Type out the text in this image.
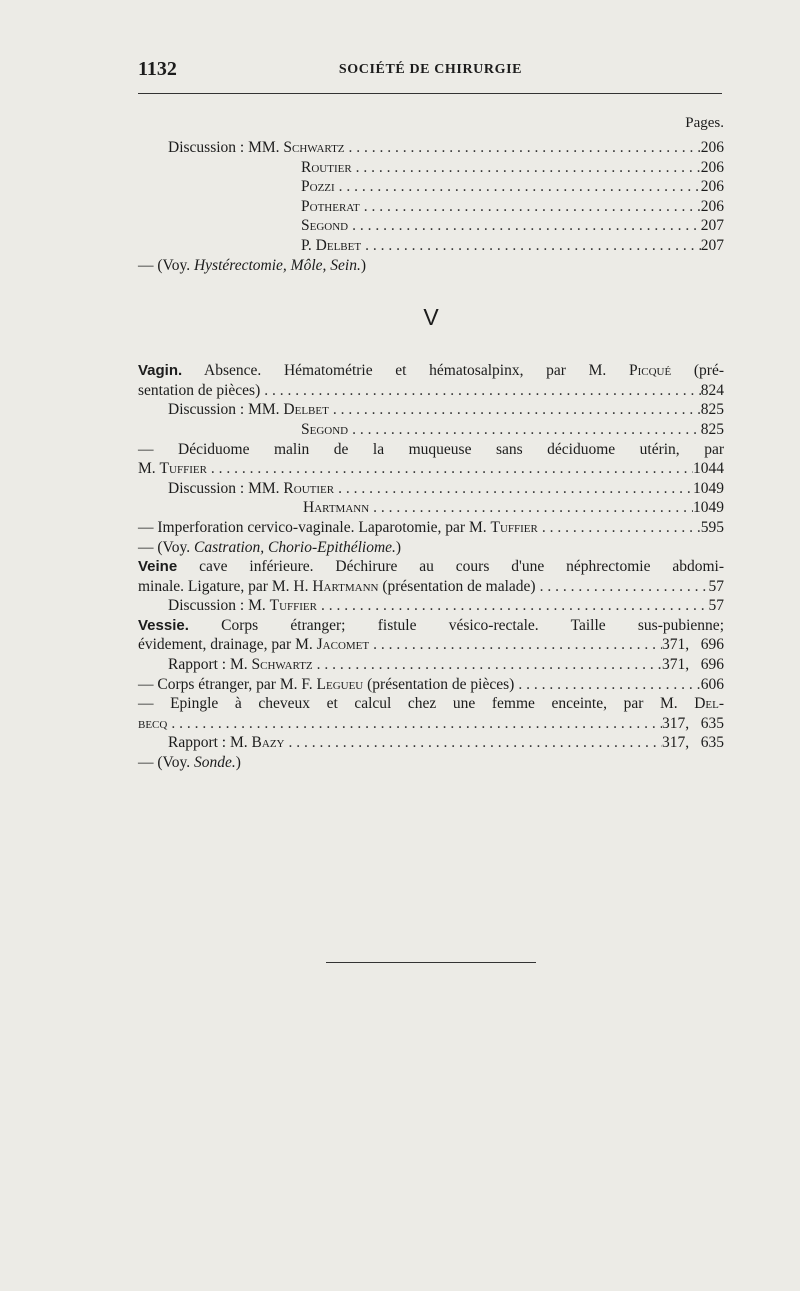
1132	SOCIÉTÉ DE CHIRURGIE
Pages.
Discussion : MM. Schwartz . . .	206
Routier . . .	206
Pozzi . . .	206
Potherat . . .	206
Segond . . .	207
P. Delbet . . .	207
— (Voy. Hystérectomie, Môle, Sein.)
V
Vagin. Absence. Hématométrie et hématosalpinx, par M. Picqué (pré-
sentation de pièces) . . .	824
Discussion : MM. Delbet . . .	825
Segond . . .	825
— Déciduome malin de la muqueuse sans déciduome utérin, par
M. Tuffier . . .	1044
Discussion : MM. Routier . . .	1049
Hartmann . . .	1049
— Imperforation cervico-vaginale. Laparotomie, par M. Tuffier . . .	595
— (Voy. Castration, Chorio-Epithéliome.)
Veine cave inférieure. Déchirure au cours d'une néphrectomie abdomi-
minale. Ligature, par M. H. Hartmann (présentation de malade) . . .	57
Discussion : M. Tuffier . . .	57
Vessie. Corps étranger; fistule vésico-rectale. Taille sus-pubienne;
évidement, drainage, par M. Jacomet . . .	371,   696
Rapport : M. Schwartz . . .	371,   696
— Corps étranger, par M. F. Legueu (présentation de pièces) . . .	606
— Epingle à cheveux et calcul chez une femme enceinte, par M. Del-
becq . . .	317,   635
Rapport : M. Bazy . . .	317,   635
— (Voy. Sonde.)
